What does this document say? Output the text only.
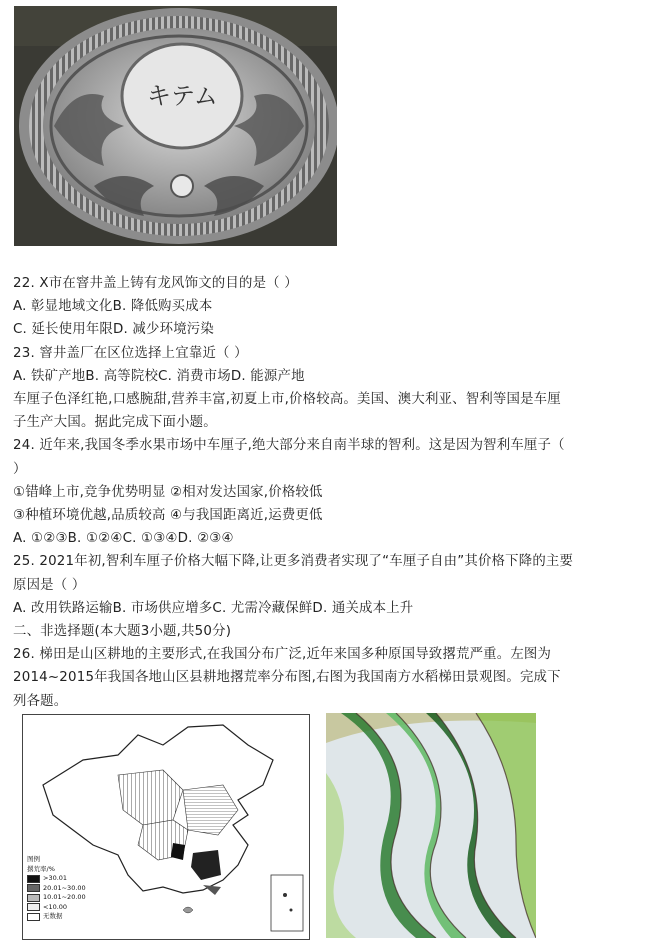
キテム
22. X市在窨井盖上铸有龙风饰文的目的是（ ）
A. 彰显地域文化B. 降低购买成本
C. 延长使用年限D. 减少环境污染
23. 窨井盖厂在区位选择上宜靠近（ ）
A. 铁矿产地B. 高等院校C. 消费市场D. 能源产地
车厘子色泽红艳,口感腕甜,营养丰富,初夏上市,价格较高。美国、澳大利亚、智利等国是车厘
子生产大国。据此完成下面小题。
24. 近年来,我国冬季水果市场中车厘子,绝大部分来自南半球的智利。这是因为智利车厘子（
）
①错峰上市,竞争优势明显 ②相对发达国家,价格较低
③种植环境优越,品质较高 ④与我国距离近,运费更低
A. ①②③B. ①②④C. ①③④D. ②③④
25. 2021年初,智利车厘子价格大幅下降,让更多消费者实现了“车厘子自由”其价格下降的主要
原因是（ ）
A. 改用铁路运输B. 市场供应增多C. 尤需冷藏保鲜D. 通关成本上升
二、非选择题(本大题3小题,共50分)
26. 梯田是山区耕地的主要形式,在我国分布广泛,近年来国多种原国导致撂荒严重。左图为
2014~2015年我国各地山区县耕地撂荒率分布图,右图为我国南方水稻梯田景观图。完成下
列各题。
图例
撂荒率/%
>30.01
20.01~30.00
10.01~20.00
<10.00
无数据
